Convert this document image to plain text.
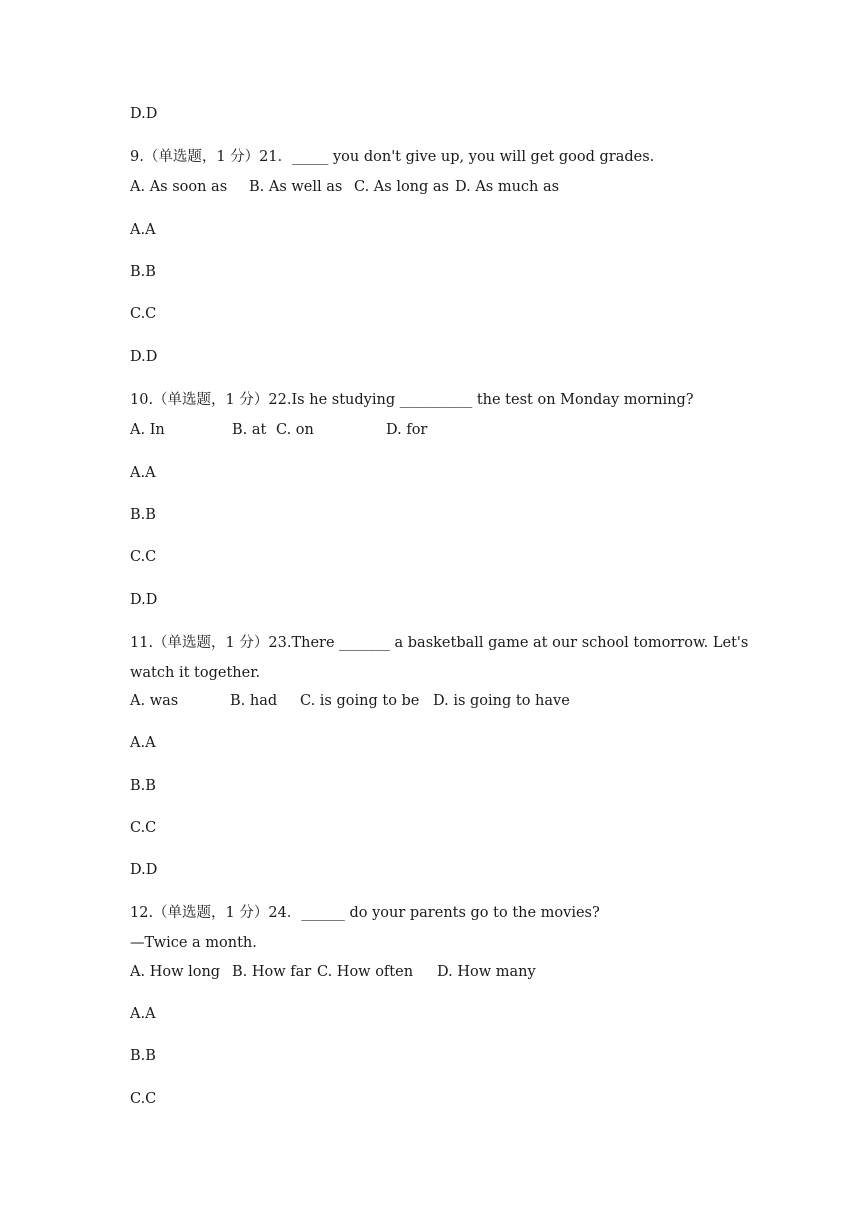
D.D
9.（单选题，1 分）21．_____ you don't give up, you will get good grades.
A. As soon as B. As well as C. As long as D. As much as
A.A
B.B
C.C
D.D
10.（单选题，1 分）22.Is he studying __________ the test on Monday morning?
A. In	B. at C. on	D. for
A.A
B.B
C.C
D.D
11.（单选题，1 分）23.There _______ a basketball game at our school tomorrow. Let's
watch it together.
A. was	B. had C. is going to be D. is going to have
A.A
B.B
C.C
D.D
12.（单选题，1 分）24．______ do your parents go to the movies?
—Twice a month.
A. How long B. How far C. How often D. How many
A.A
B.B
C.C
